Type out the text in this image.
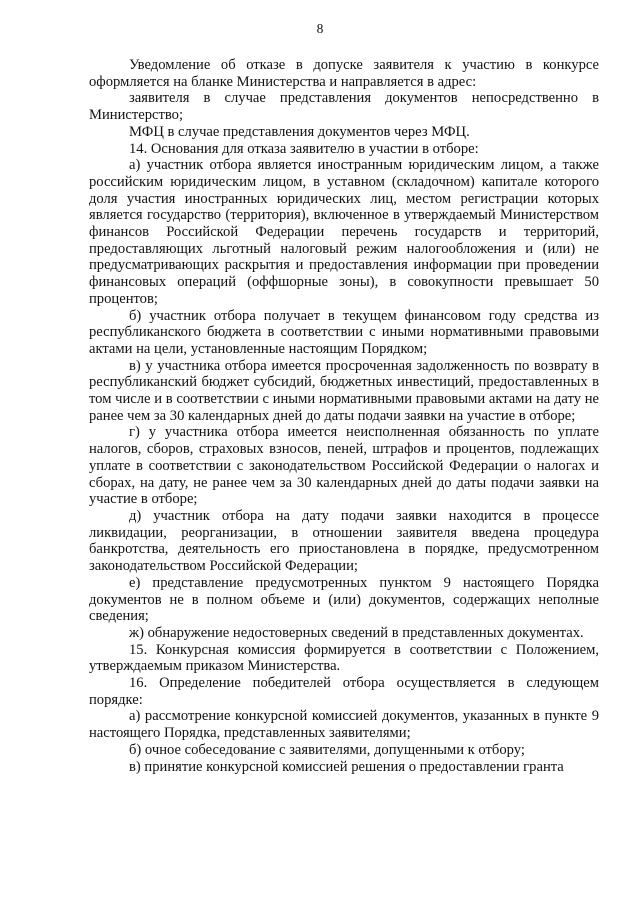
8

Уведомление об отказе в допуске заявителя к участию в конкурсе оформляется на бланке Министерства и направляется в адрес:

заявителя в случае представления документов непосредственно в Министерство;

МФЦ в случае представления документов через МФЦ.

14. Основания для отказа заявителю в участии в отборе:

а) участник отбора является иностранным юридическим лицом, а также российским юридическим лицом, в уставном (складочном) капитале которого доля участия иностранных юридических лиц, местом регистрации которых является государство (территория), включенное в утверждаемый Министерством финансов Российской Федерации перечень государств и территорий, предоставляющих льготный налоговый режим налогообложения и (или) не предусматривающих раскрытия и предоставления информации при проведении финансовых операций (оффшорные зоны), в совокупности превышает 50 процентов;

б) участник отбора получает в текущем финансовом году средства из республиканского бюджета в соответствии с иными нормативными правовыми актами на цели, установленные настоящим Порядком;

в) у участника отбора имеется просроченная задолженность по возврату в республиканский бюджет субсидий, бюджетных инвестиций, предоставленных в том числе и в соответствии с иными нормативными правовыми актами на дату не ранее чем за 30 календарных дней до даты подачи заявки на участие в отборе;

г) у участника отбора имеется неисполненная обязанность по уплате налогов, сборов, страховых взносов, пеней, штрафов и процентов, подлежащих уплате в соответствии с законодательством Российской Федерации о налогах и сборах, на дату, не ранее чем за 30 календарных дней до даты подачи заявки на участие в отборе;

д) участник отбора на дату подачи заявки находится в процессе ликвидации, реорганизации, в отношении заявителя введена процедура банкротства, деятельность его приостановлена в порядке, предусмотренном законодательством Российской Федерации;

е) представление предусмотренных пунктом 9 настоящего Порядка документов не в полном объеме и (или) документов, содержащих неполные сведения;

ж) обнаружение недостоверных сведений в представленных документах.

15. Конкурсная комиссия формируется в соответствии с Положением, утверждаемым приказом Министерства.

16. Определение победителей отбора осуществляется в следующем порядке:

а) рассмотрение конкурсной комиссией документов, указанных в пункте 9 настоящего Порядка, представленных заявителями;

б) очное собеседование с заявителями, допущенными к отбору;

в) принятие конкурсной комиссией решения о предоставлении гранта
